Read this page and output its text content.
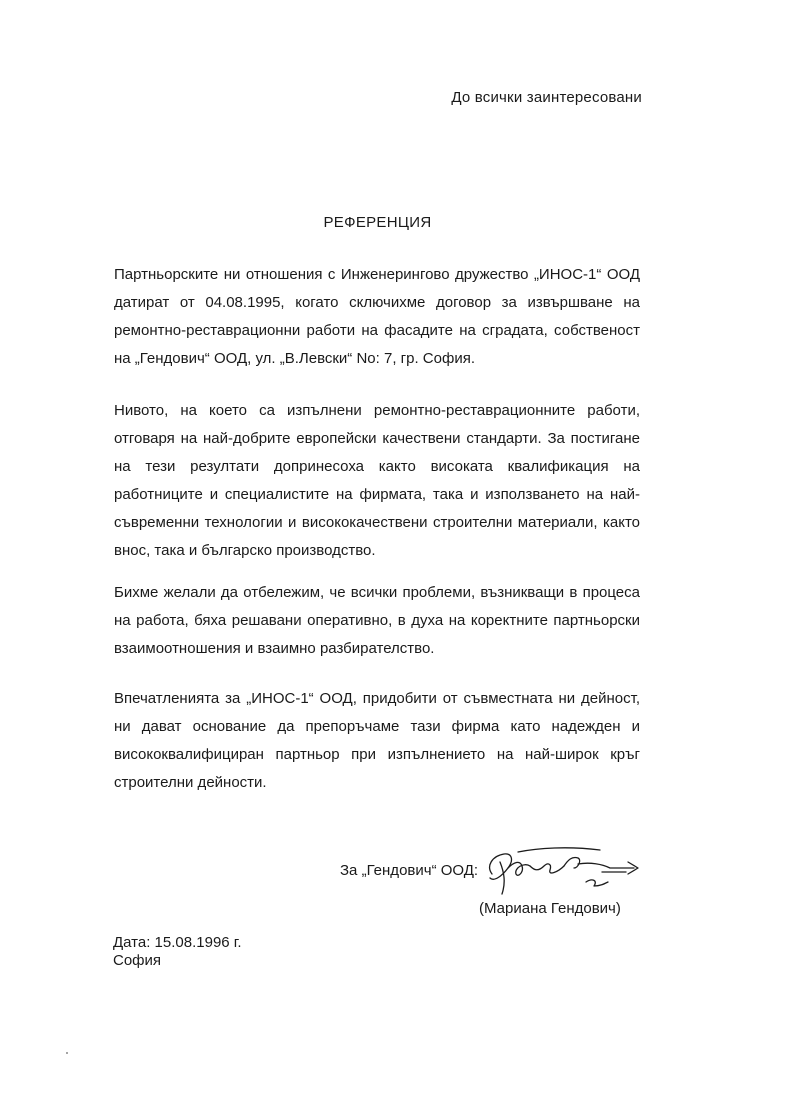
До всички заинтересовани
РЕФЕРЕНЦИЯ

Партньорските ни отношения с Инженерингово дружество „ИНОС-1“ ООД датират от 04.08.1995, когато сключихме договор за извършване на ремонтно-реставрационни работи на фасадите на сградата, собственост на „Гендович“ ООД, ул. „В.Левски“ No: 7, гр. София.

Нивото, на което са изпълнени ремонтно-реставрационните работи, отговаря на най-добрите европейски качествени стандарти. За постигане на тези резултати допринесоха както високата квалификация на работниците и специалистите на фирмата, така и използването на най-съвременни технологии и висококачествени строителни материали, както внос, така и българско производство.

Бихме желали да отбележим, че всички проблеми, възникващи в процеса на работа, бяха решавани оперативно, в духа на коректните партньорски взаимоотношения и взаимно разбирателство.

Впечатленията за „ИНОС-1“ ООД, придобити от съвместната ни дейност, ни дават основание да препоръчаме тази фирма като надежден и висококвалифициран партньор при изпълнението на най-широк кръг строителни дейности.

За „Гендович“ ООД:
(Мариана Гендович)
Дата: 15.08.1996 г.
София
